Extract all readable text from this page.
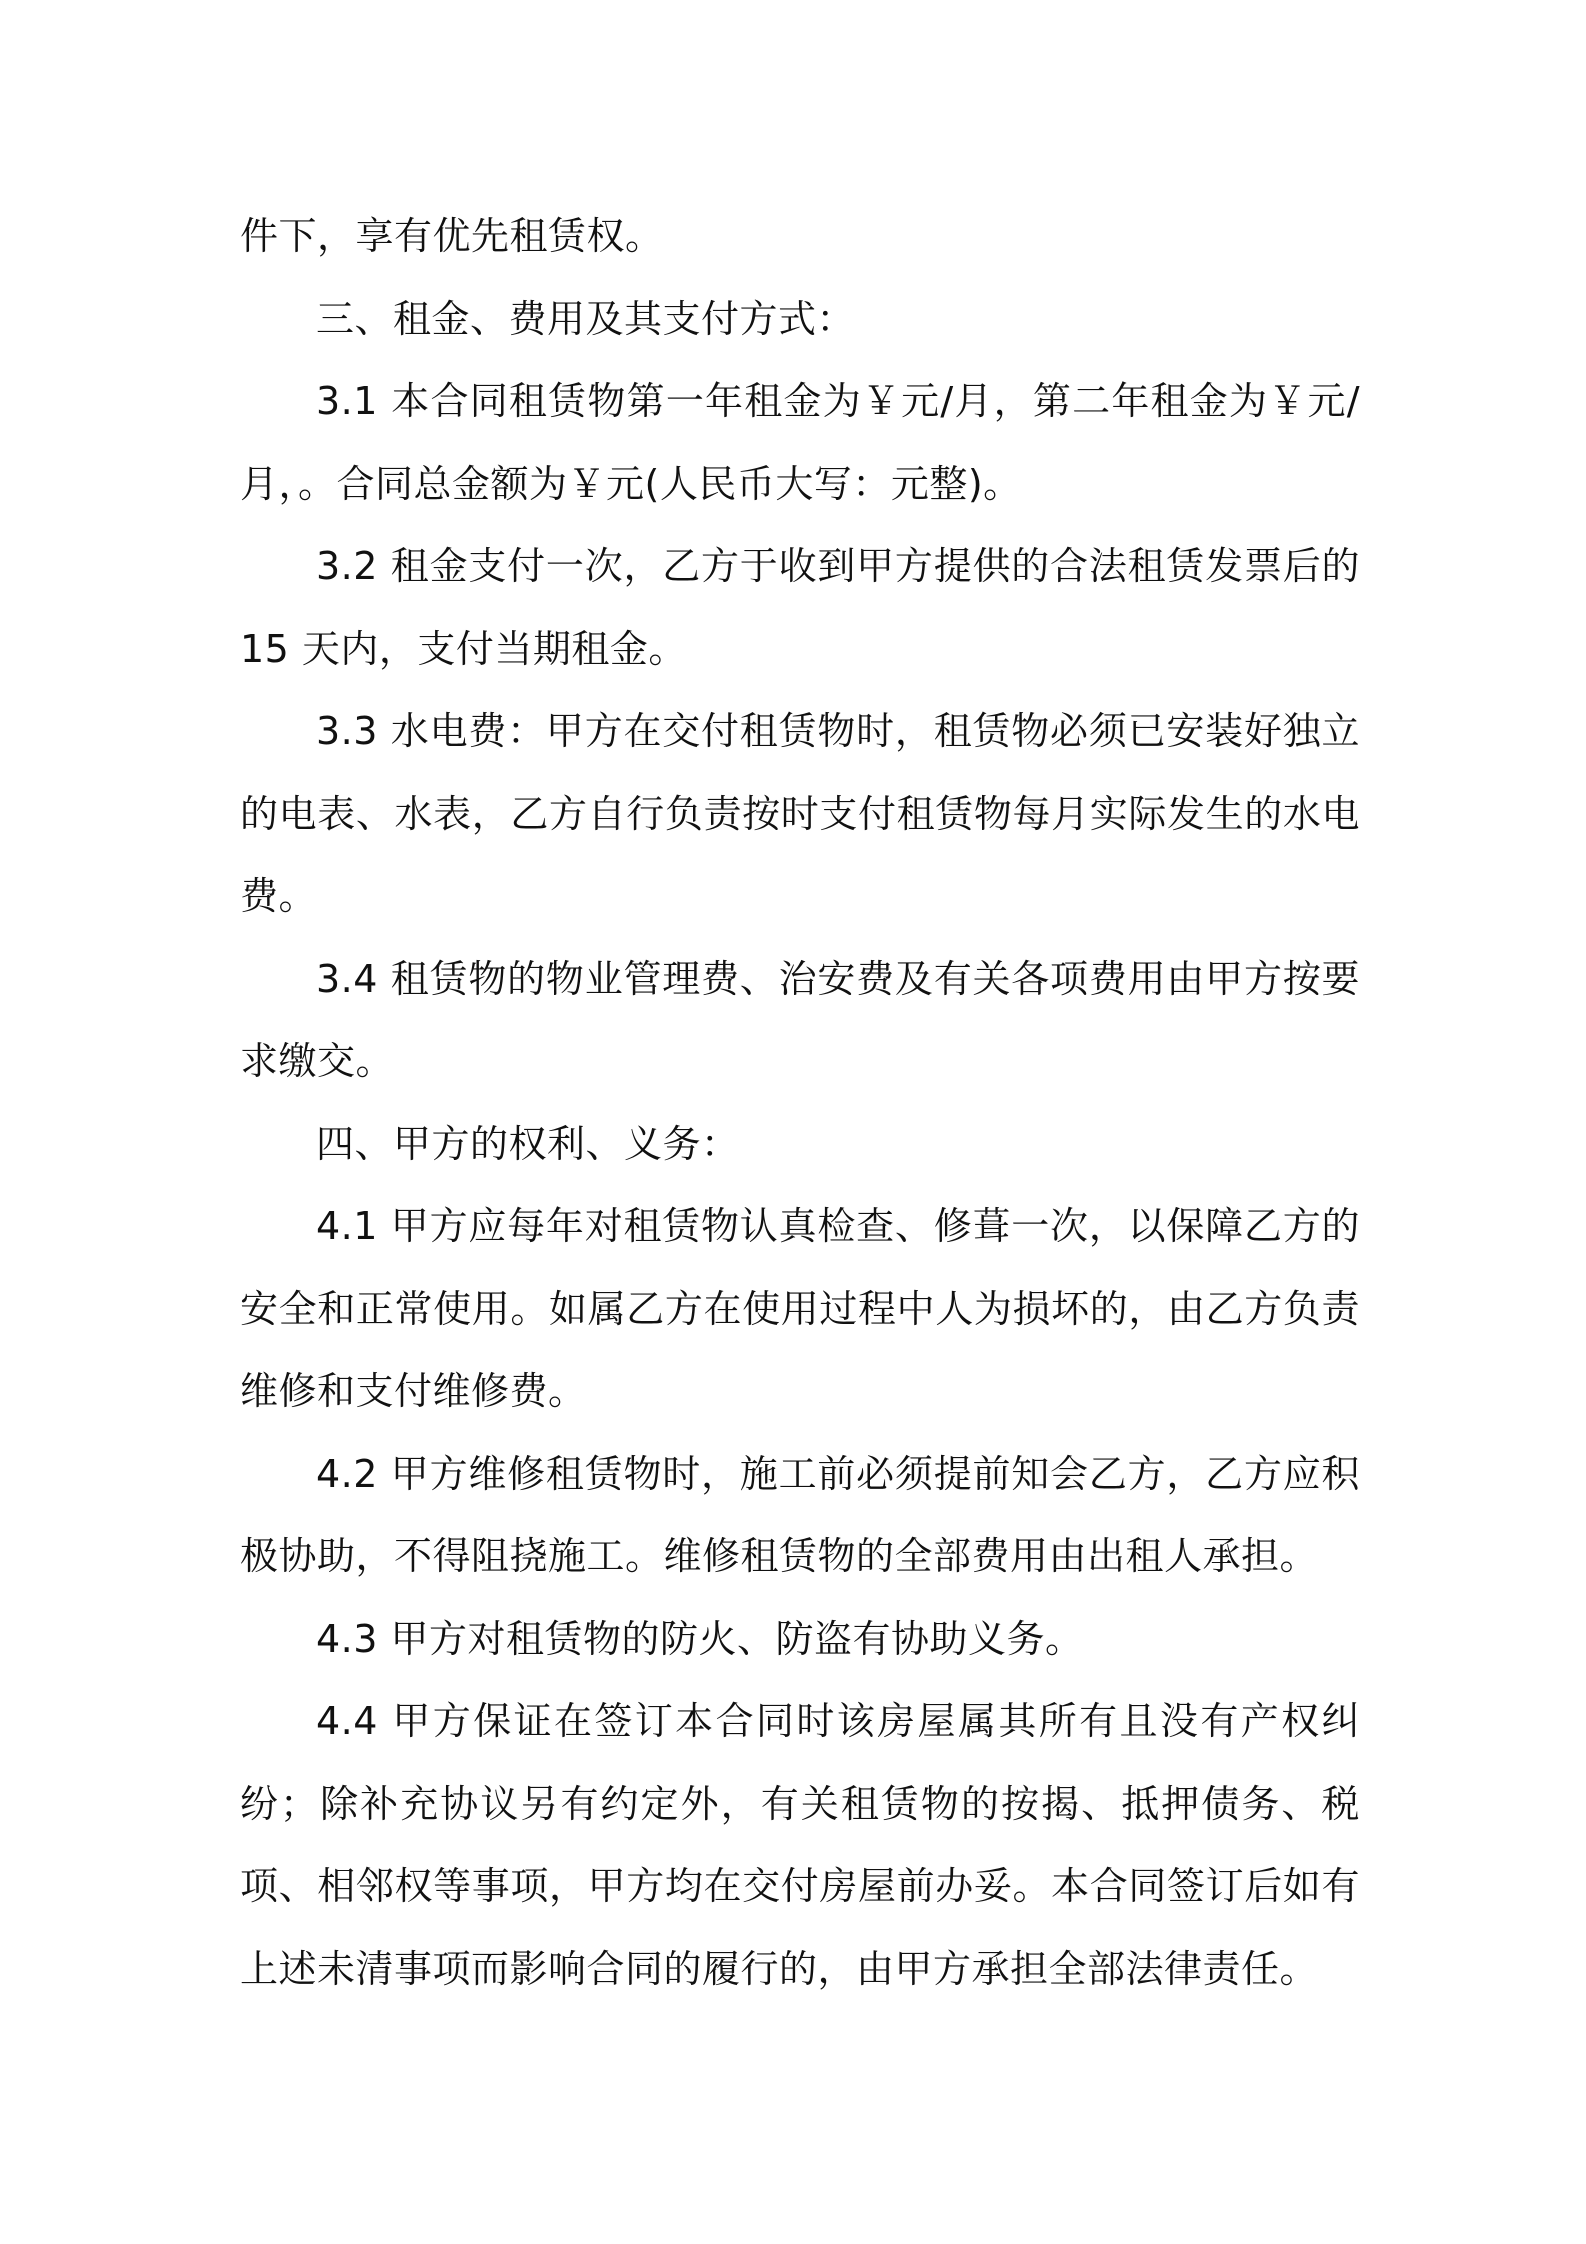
件下，享有优先租赁权。

三、租金、费用及其支付方式：

3.1 本合同租赁物第一年租金为￥元/月，第二年租金为￥元/月，。合同总金额为￥元(人民币大写：元整)。

3.2 租金支付一次，乙方于收到甲方提供的合法租赁发票后的 15 天内，支付当期租金。

3.3 水电费：甲方在交付租赁物时，租赁物必须已安装好独立的电表、水表，乙方自行负责按时支付租赁物每月实际发生的水电费。

3.4 租赁物的物业管理费、治安费及有关各项费用由甲方按要求缴交。

四、甲方的权利、义务：

4.1 甲方应每年对租赁物认真检查、修葺一次，以保障乙方的安全和正常使用。如属乙方在使用过程中人为损坏的，由乙方负责维修和支付维修费。

4.2 甲方维修租赁物时，施工前必须提前知会乙方，乙方应积极协助，不得阻挠施工。维修租赁物的全部费用由出租人承担。

4.3 甲方对租赁物的防火、防盗有协助义务。

4.4 甲方保证在签订本合同时该房屋属其所有且没有产权纠纷；除补充协议另有约定外，有关租赁物的按揭、抵押债务、税项、相邻权等事项，甲方均在交付房屋前办妥。本合同签订后如有上述未清事项而影响合同的履行的，由甲方承担全部法律责任。
